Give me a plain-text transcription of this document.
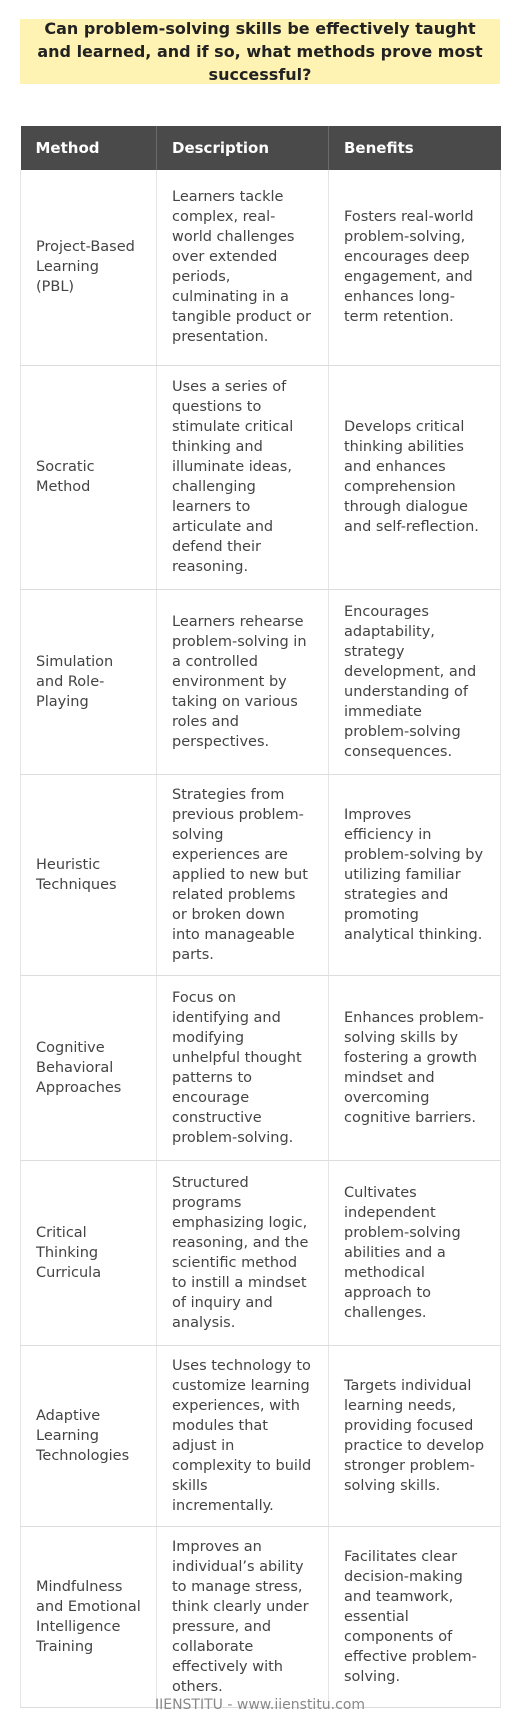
Can problem-solving skills be effectively taught and learned, and if so, what methods prove most successful?
Method	Description	Benefits
Project-Based Learning (PBL)	Learners tackle complex, real-world challenges over extended periods, culminating in a tangible product or presentation.	Fosters real-world problem-solving, encourages deep engagement, and enhances long-term retention.
Socratic Method	Uses a series of questions to stimulate critical thinking and illuminate ideas, challenging learners to articulate and defend their reasoning.	Develops critical thinking abilities and enhances comprehension through dialogue and self-reflection.
Simulation and Role-Playing	Learners rehearse problem-solving in a controlled environment by taking on various roles and perspectives.	Encourages adaptability, strategy development, and understanding of immediate problem-solving consequences.
Heuristic Techniques	Strategies from previous problem-solving experiences are applied to new but related problems or broken down into manageable parts.	Improves efficiency in problem-solving by utilizing familiar strategies and promoting analytical thinking.
Cognitive Behavioral Approaches	Focus on identifying and modifying unhelpful thought patterns to encourage constructive problem-solving.	Enhances problem-solving skills by fostering a growth mindset and overcoming cognitive barriers.
Critical Thinking Curricula	Structured programs emphasizing logic, reasoning, and the scientific method to instill a mindset of inquiry and analysis.	Cultivates independent problem-solving abilities and a methodical approach to challenges.
Adaptive Learning Technologies	Uses technology to customize learning experiences, with modules that adjust in complexity to build skills incrementally.	Targets individual learning needs, providing focused practice to develop stronger problem-solving skills.
Mindfulness and Emotional Intelligence Training	Improves an individual’s ability to manage stress, think clearly under pressure, and collaborate effectively with others.	Facilitates clear decision-making and teamwork, essential components of effective problem-solving.
IIENSTITU - www.iienstitu.com
